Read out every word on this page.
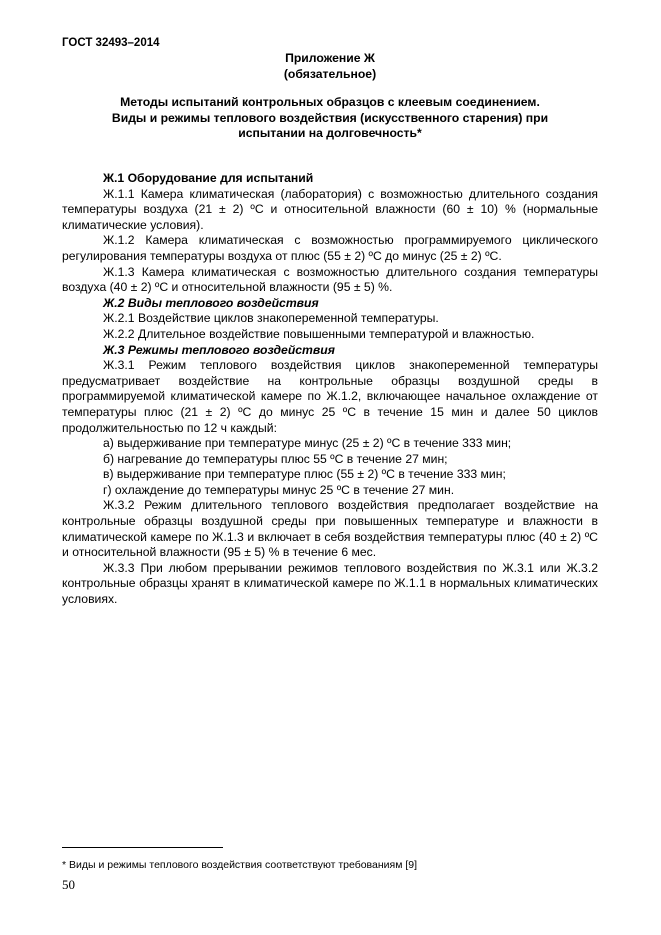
ГОСТ 32493–2014
Приложение Ж
(обязательное)
Методы испытаний контрольных образцов с клеевым соединением.
Виды и режимы теплового воздействия (искусственного старения) при
испытании на долговечность*

Ж.1 Оборудование для испытаний

Ж.1.1 Камера климатическая (лаборатория) с возможностью длительного создания температуры воздуха (21 ± 2) ºС и относительной влажности (60 ± 10) % (нормальные климатические условия).

Ж.1.2 Камера климатическая с возможностью программируемого циклического регулирования температуры воздуха от плюс (55 ± 2) ºС до минус (25 ± 2) ºС.

Ж.1.3 Камера климатическая с возможностью длительного создания температуры воздуха (40 ± 2) ºС и относительной влажности (95 ± 5) %.

Ж.2 Виды теплового воздействия

Ж.2.1 Воздействие циклов знакопеременной температуры.

Ж.2.2 Длительное воздействие повышенными температурой и влажностью.

Ж.3 Режимы теплового воздействия

Ж.3.1 Режим теплового воздействия циклов знакопеременной температуры предусматривает воздействие на контрольные образцы воздушной среды в программируемой климатической камере по Ж.1.2, включающее начальное охлаждение от температуры плюс (21 ± 2) ºС до минус 25 ºС в течение 15 мин и далее 50 циклов продолжительностью по 12 ч каждый:

а) выдерживание при температуре минус (25 ± 2) ºС в течение 333 мин;

б) нагревание до температуры плюс 55 ºС в течение 27 мин;

в) выдерживание при температуре плюс (55 ± 2) ºС в течение 333 мин;

г) охлаждение до температуры минус 25 ºС в течение 27 мин.

Ж.3.2 Режим длительного теплового воздействия предполагает воздействие на контрольные образцы воздушной среды при повышенных температуре и влажности в климатической камере по Ж.1.3 и включает в себя воздействия температуры плюс (40 ± 2) ºС и относительной влажности (95 ± 5) % в течение 6 мес.

Ж.3.3 При любом прерывании режимов теплового воздействия по Ж.3.1 или Ж.3.2 контрольные образцы хранят в климатической камере по Ж.1.1 в нормальных климатических условиях.

* Виды и режимы теплового воздействия соответствуют требованиям [9]
50
